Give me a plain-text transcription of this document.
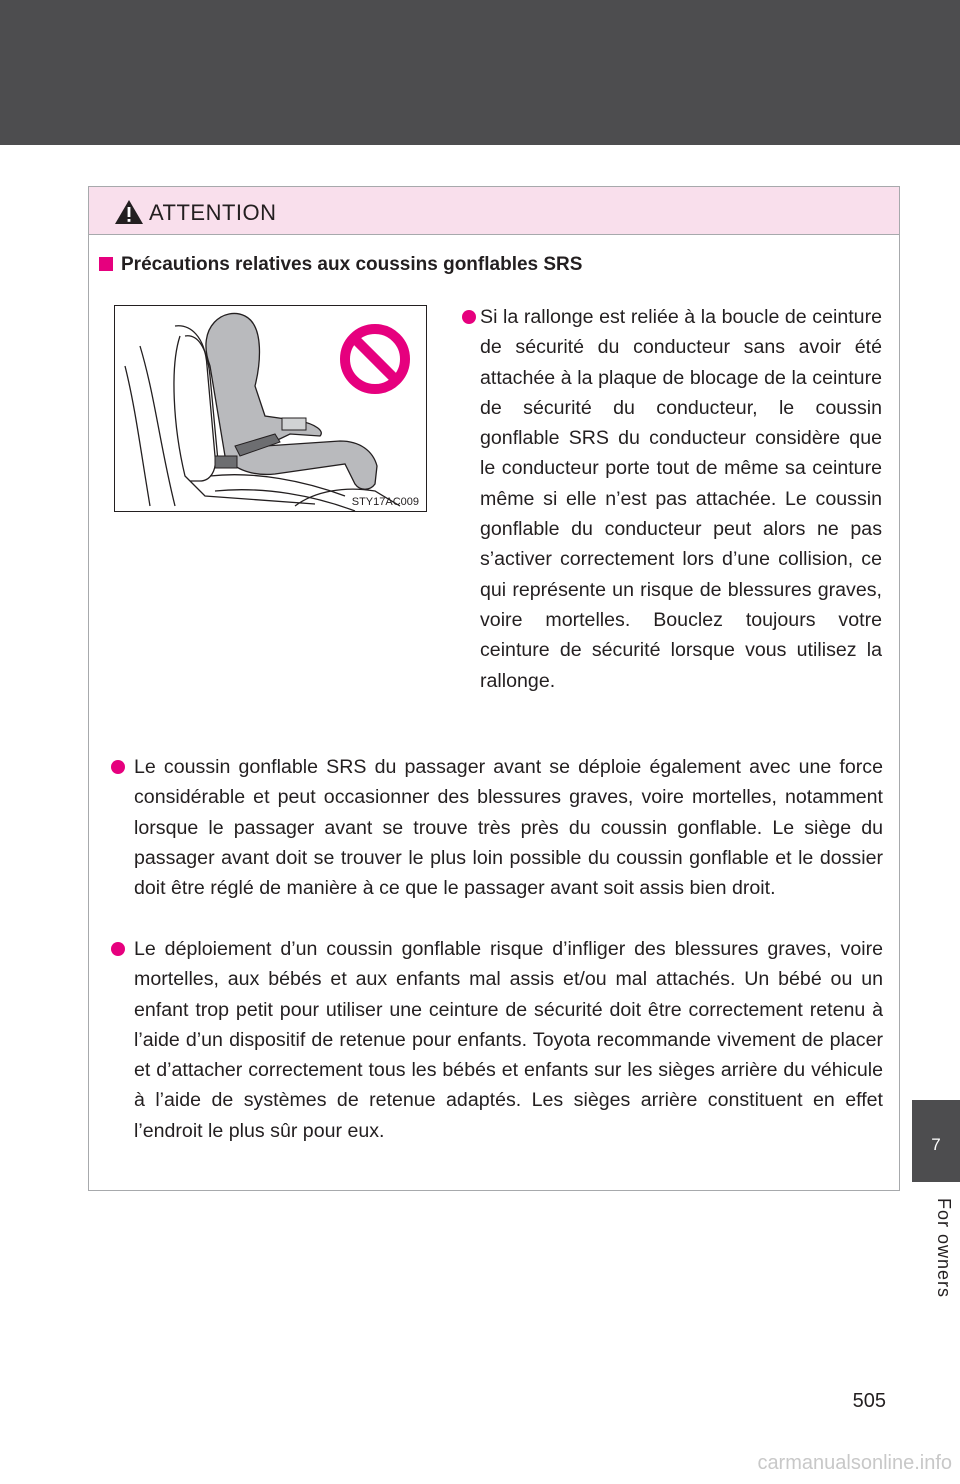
ATTENTION
Précautions relatives aux coussins gonflables SRS
STY17AC009
Si la rallonge est reliée à la boucle de ceinture de sécurité du conducteur sans avoir été attachée à la plaque de blocage de la ceinture de sécurité du conducteur, le coussin gonflable SRS du conducteur considère que le conducteur porte tout de même sa ceinture même si elle n’est pas attachée. Le coussin gonflable du conducteur peut alors ne pas s’activer correctement lors d’une collision, ce qui représente un risque de blessures graves, voire mortelles. Bouclez toujours votre ceinture de sécurité lorsque vous utilisez la rallonge.
Le coussin gonflable SRS du passager avant se déploie également avec une force considérable et peut occasionner des blessures graves, voire mortelles, notamment lorsque le passager avant se trouve très près du coussin gonflable. Le siège du passager avant doit se trouver le plus loin possible du coussin gonflable et le dossier doit être réglé de manière à ce que le passager avant soit assis bien droit.
Le déploiement d’un coussin gonflable risque d’infliger des blessures graves, voire mortelles, aux bébés et aux enfants mal assis et/ou mal attachés. Un bébé ou un enfant trop petit pour utiliser une ceinture de sécurité doit être correctement retenu à l’aide d’un dispositif de retenue pour enfants. Toyota recommande vivement de placer et d’attacher correctement tous les bébés et enfants sur les sièges arrière du véhicule à l’aide de systèmes de retenue adaptés. Les sièges arrière constituent en effet l’endroit le plus sûr pour eux.
7
For owners
505
carmanualsonline.info
